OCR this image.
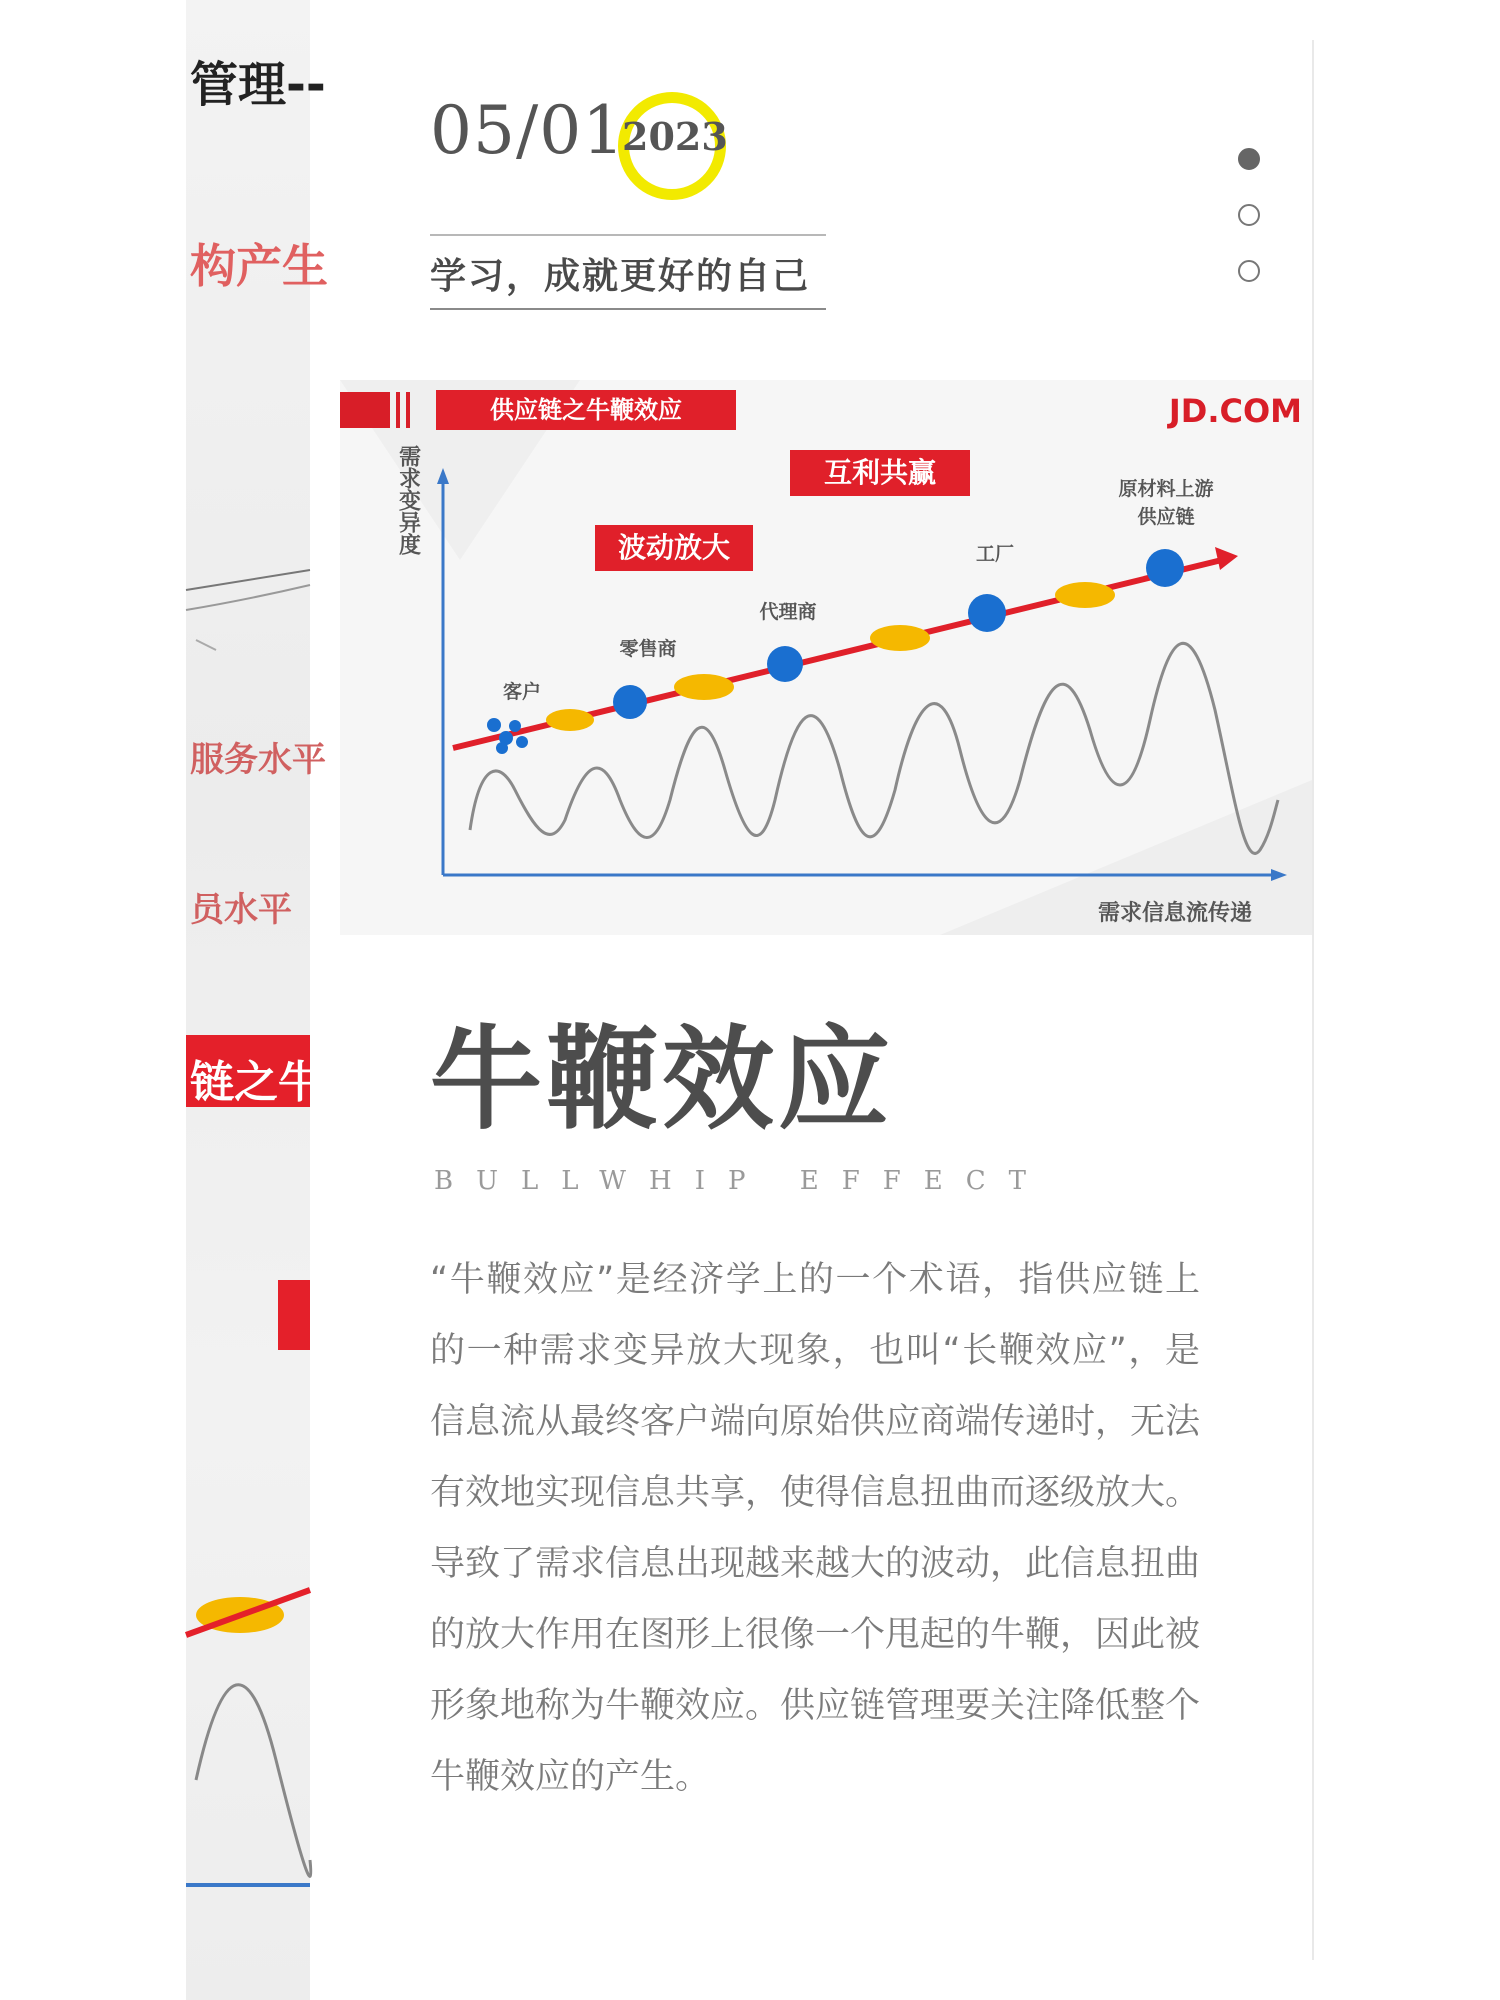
管理--
构产生
服务水平
员水平
链之牛
05/01
2023
学习，成就更好的自己
供应链之牛鞭效应	JD.COM
需求变异度
需求信息流传递
客户
零售商
代理商
工厂
原材料上游
供应链
互利共赢
波动放大
牛鞭效应
BULLWHIP EFFECT
“牛鞭效应”是经济学上的一个术语，指供应链上的一种需求变异放大现象，也叫“长鞭效应”，是信息流从最终客户端向原始供应商端传递时，无法有效地实现信息共享，使得信息扭曲而逐级放大。导致了需求信息出现越来越大的波动，此信息扭曲的放大作用在图形上很像一个甩起的牛鞭，因此被形象地称为牛鞭效应。供应链管理要关注降低整个牛鞭效应的产生。
